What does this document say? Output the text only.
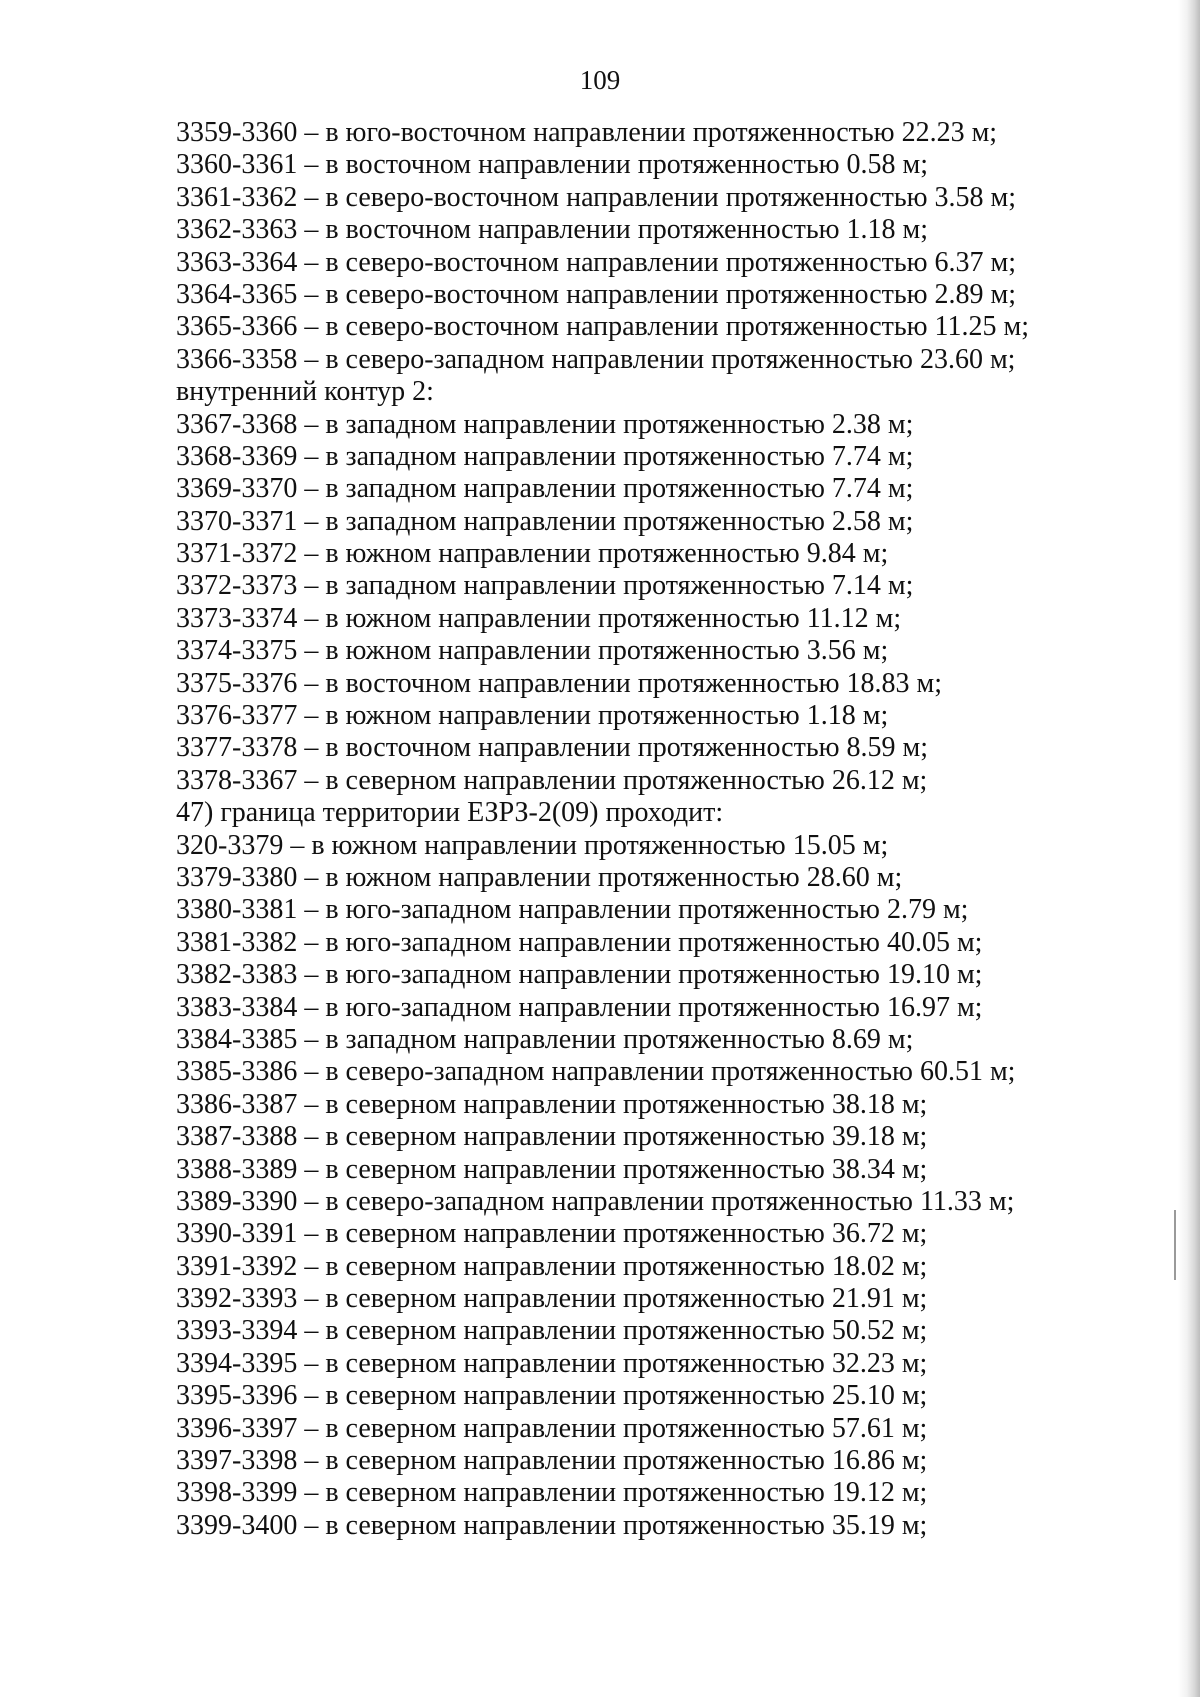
109
3359-3360 – в юго-восточном направлении протяженностью 22.23 м;
3360-3361 – в восточном направлении протяженностью 0.58 м;
3361-3362 – в северо-восточном направлении протяженностью 3.58 м;
3362-3363 – в восточном направлении протяженностью 1.18 м;
3363-3364 – в северо-восточном направлении протяженностью 6.37 м;
3364-3365 – в северо-восточном направлении протяженностью 2.89 м;
3365-3366 – в северо-восточном направлении протяженностью 11.25 м;
3366-3358 – в северо-западном направлении протяженностью 23.60 м;
внутренний контур 2:
3367-3368 – в западном направлении протяженностью 2.38 м;
3368-3369 – в западном направлении протяженностью 7.74 м;
3369-3370 – в западном направлении протяженностью 7.74 м;
3370-3371 – в западном направлении протяженностью 2.58 м;
3371-3372 – в южном направлении протяженностью 9.84 м;
3372-3373 – в западном направлении протяженностью 7.14 м;
3373-3374 – в южном направлении протяженностью 11.12 м;
3374-3375 – в южном направлении протяженностью 3.56 м;
3375-3376 – в восточном направлении протяженностью 18.83 м;
3376-3377 – в южном направлении протяженностью 1.18 м;
3377-3378 – в восточном направлении протяженностью 8.59 м;
3378-3367 – в северном направлении протяженностью 26.12 м;
47) граница территории ЕЗРЗ-2(09) проходит:
320-3379 – в южном направлении протяженностью 15.05 м;
3379-3380 – в южном направлении протяженностью 28.60 м;
3380-3381 – в юго-западном направлении протяженностью 2.79 м;
3381-3382 – в юго-западном направлении протяженностью 40.05 м;
3382-3383 – в юго-западном направлении протяженностью 19.10 м;
3383-3384 – в юго-западном направлении протяженностью 16.97 м;
3384-3385 – в западном направлении протяженностью 8.69 м;
3385-3386 – в северо-западном направлении протяженностью 60.51 м;
3386-3387 – в северном направлении протяженностью 38.18 м;
3387-3388 – в северном направлении протяженностью 39.18 м;
3388-3389 – в северном направлении протяженностью 38.34 м;
3389-3390 – в северо-западном направлении протяженностью 11.33 м;
3390-3391 – в северном направлении протяженностью 36.72 м;
3391-3392 – в северном направлении протяженностью 18.02 м;
3392-3393 – в северном направлении протяженностью 21.91 м;
3393-3394 – в северном направлении протяженностью 50.52 м;
3394-3395 – в северном направлении протяженностью 32.23 м;
3395-3396 – в северном направлении протяженностью 25.10 м;
3396-3397 – в северном направлении протяженностью 57.61 м;
3397-3398 – в северном направлении протяженностью 16.86 м;
3398-3399 – в северном направлении протяженностью 19.12 м;
3399-3400 – в северном направлении протяженностью 35.19 м;
